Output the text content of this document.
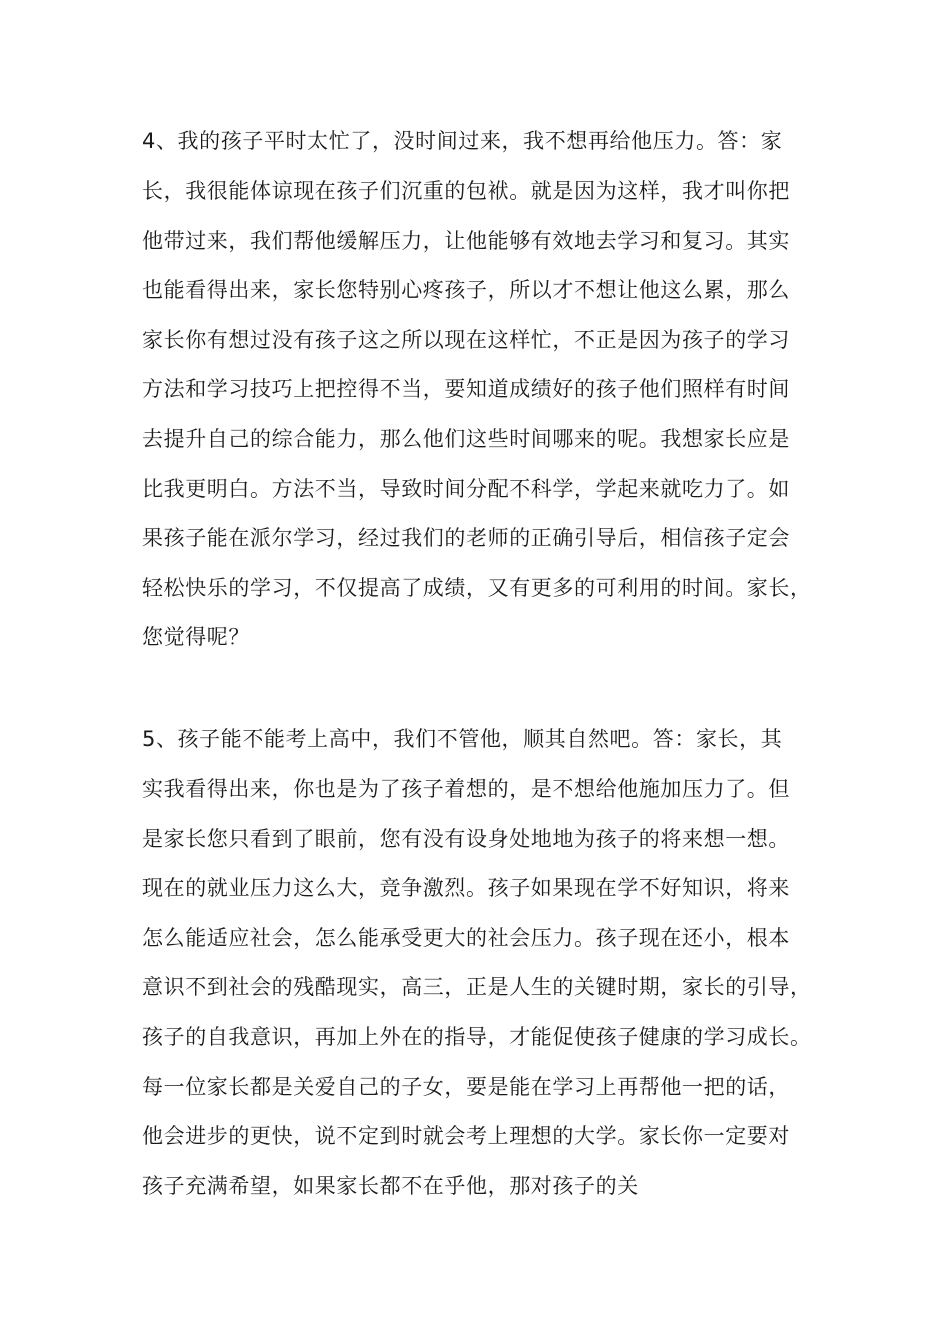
4、我的孩子平时太忙了，没时间过来，我不想再给他压力。答：家
长，我很能体谅现在孩子们沉重的包袱。就是因为这样，我才叫你把
他带过来，我们帮他缓解压力，让他能够有效地去学习和复习。其实
也能看得出来，家长您特别心疼孩子，所以才不想让他这么累，那么
家长你有想过没有孩子这之所以现在这样忙，不正是因为孩子的学习
方法和学习技巧上把控得不当，要知道成绩好的孩子他们照样有时间
去提升自己的综合能力，那么他们这些时间哪来的呢。我想家长应是
比我更明白。方法不当，导致时间分配不科学，学起来就吃力了。如
果孩子能在派尔学习，经过我们的老师的正确引导后，相信孩子定会
轻松快乐的学习，不仅提高了成绩，又有更多的可利用的时间。家长，
您觉得呢？
5、孩子能不能考上高中，我们不管他，顺其自然吧。答：家长，其
实我看得出来，你也是为了孩子着想的，是不想给他施加压力了。但
是家长您只看到了眼前，您有没有设身处地地为孩子的将来想一想。
现在的就业压力这么大，竞争激烈。孩子如果现在学不好知识，将来
怎么能适应社会，怎么能承受更大的社会压力。孩子现在还小，根本
意识不到社会的残酷现实，高三，正是人生的关键时期，家长的引导，
孩子的自我意识，再加上外在的指导，才能促使孩子健康的学习成长。
每一位家长都是关爱自己的子女，要是能在学习上再帮他一把的话，
他会进步的更快，说不定到时就会考上理想的大学。家长你一定要对
孩子充满希望，如果家长都不在乎他，那对孩子的关
